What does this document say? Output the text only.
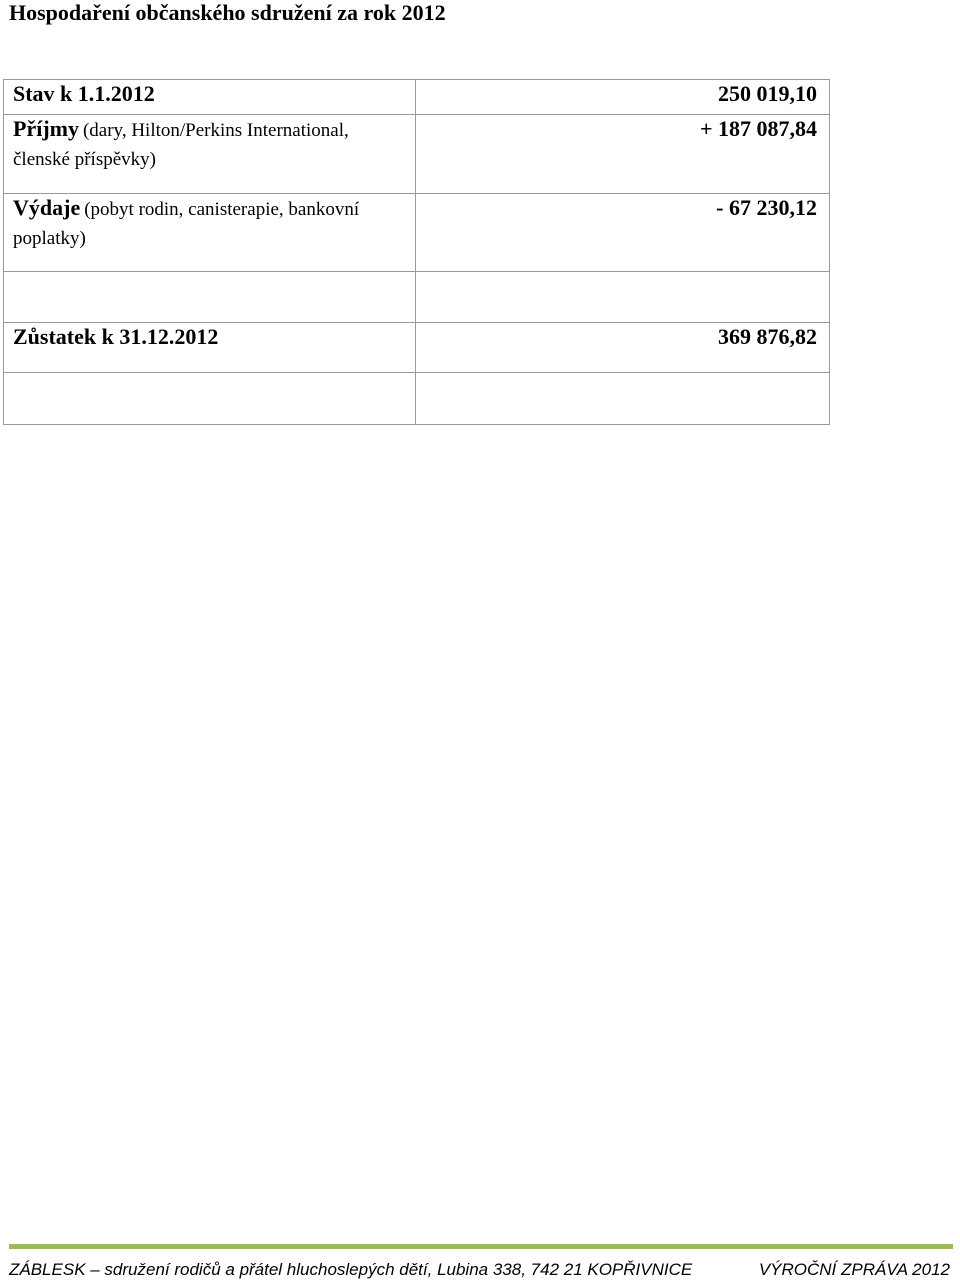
Hospodaření občanského sdružení za rok 2012
Stav k 1.1.2012	250 019,10
Příjmy (dary, Hilton/Perkins International, členské příspěvky)	+ 187 087,84
Výdaje (pobyt rodin, canisterapie, bankovní poplatky)	- 67 230,12

Zůstatek k 31.12.2012	369 876,82

ZÁBLESK – sdružení rodičů a přátel hluchoslepých dětí, Lubina 338, 742 21 KOPŘIVNICE	VÝROČNÍ ZPRÁVA 2012
